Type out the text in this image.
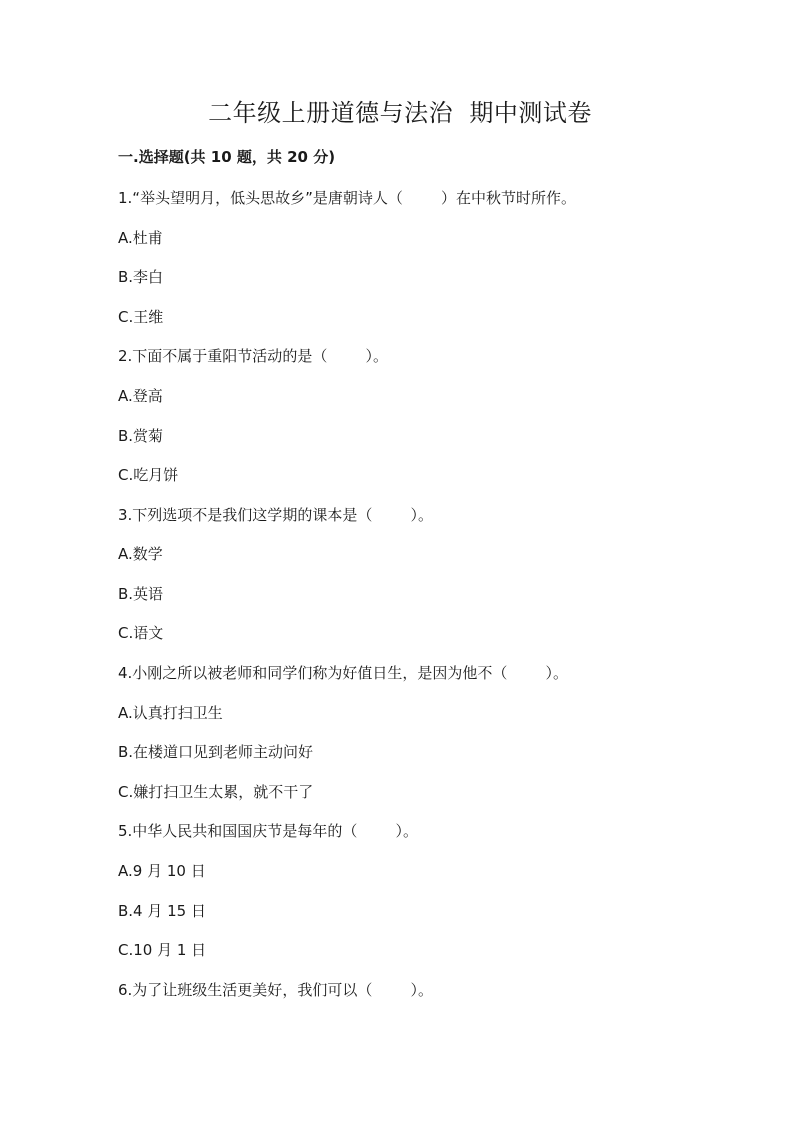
二年级上册道德与法治  期中测试卷
一.选择题(共 10 题，共 20 分)
1.“举头望明月，低头思故乡”是唐朝诗人（        ）在中秋节时所作。
A.杜甫
B.李白
C.王维
2.下面不属于重阳节活动的是（        ）。
A.登高
B.赏菊
C.吃月饼
3.下列选项不是我们这学期的课本是（        ）。
A.数学
B.英语
C.语文
4.小刚之所以被老师和同学们称为好值日生，是因为他不（        ）。
A.认真打扫卫生
B.在楼道口见到老师主动问好
C.嫌打扫卫生太累，就不干了
5.中华人民共和国国庆节是每年的（        ）。
A.9 月 10 日
B.4 月 15 日
C.10 月 1 日
6.为了让班级生活更美好，我们可以（        ）。
